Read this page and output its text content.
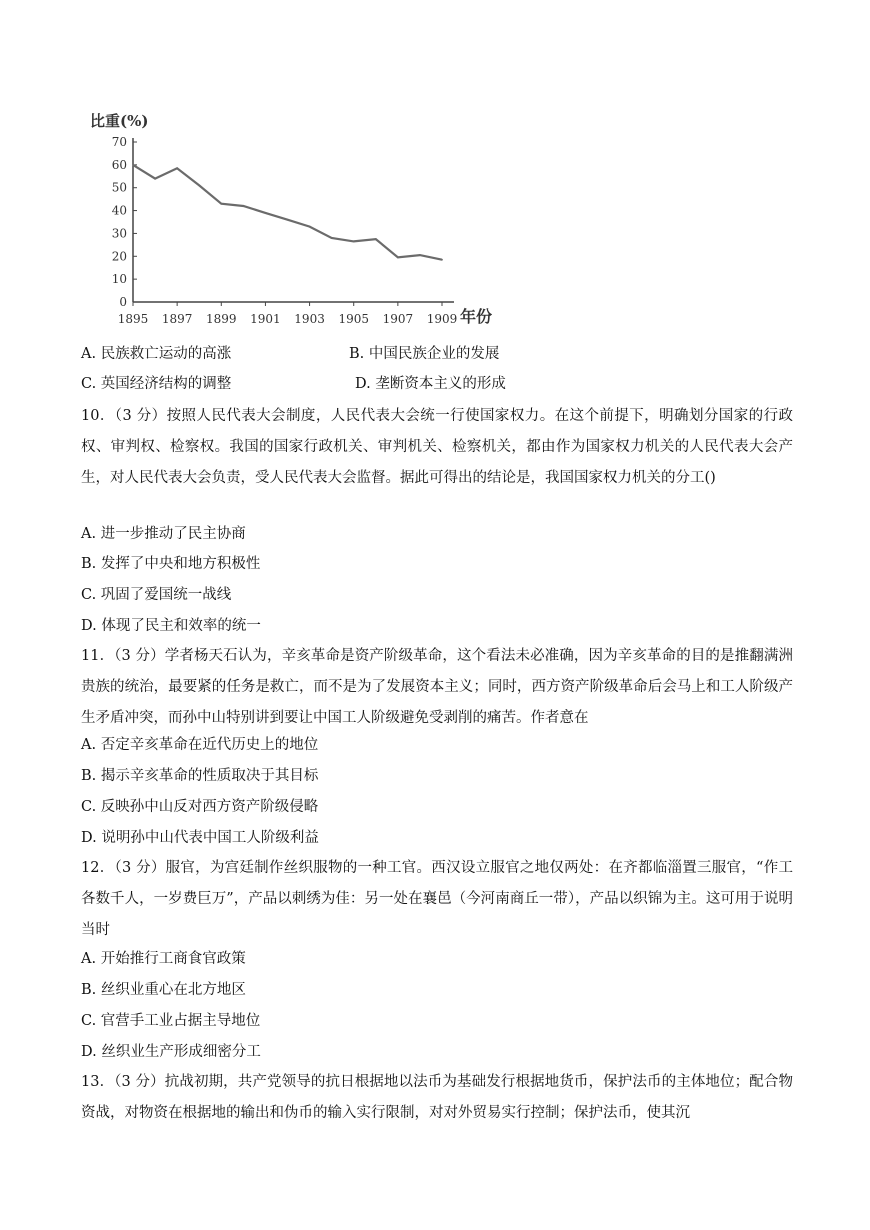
比重(%)
年份
0
10
20
30
40
50
60
70
1895 1897 1899 1901 1903 1905 1907 1909
A. 民族救亡运动的高涨	B. 中国民族企业的发展
C. 英国经济结构的调整	D. 垄断资本主义的形成
10．（3 分）按照人民代表大会制度，人民代表大会统一行使国家权力。在这个前提下，明确划分国家的行政权、审判权、检察权。我国的国家行政机关、审判机关、检察机关，都由作为国家权力机关的人民代表大会产生，对人民代表大会负责，受人民代表大会监督。据此可得出的结论是，我国国家权力机关的分工()
A. 进一步推动了民主协商
B. 发挥了中央和地方积极性
C. 巩固了爱国统一战线
D. 体现了民主和效率的统一
11．（3 分）学者杨天石认为，辛亥革命是资产阶级革命，这个看法未必准确，因为辛亥革命的目的是推翻满洲贵族的统治，最要紧的任务是救亡，而不是为了发展资本主义；同时，西方资产阶级革命后会马上和工人阶级产生矛盾冲突，而孙中山特别讲到要让中国工人阶级避免受剥削的痛苦。作者意在
A. 否定辛亥革命在近代历史上的地位
B. 揭示辛亥革命的性质取决于其目标
C. 反映孙中山反对西方资产阶级侵略
D. 说明孙中山代表中国工人阶级利益
12．（3 分）服官，为宫廷制作丝织服物的一种工官。西汉设立服官之地仅两处：在齐都临淄置三服官，“作工各数千人，一岁费巨万”，产品以刺绣为佳：另一处在襄邑（今河南商丘一带），产品以织锦为主。这可用于说明当时
A. 开始推行工商食官政策
B. 丝织业重心在北方地区
C. 官营手工业占据主导地位
D. 丝织业生产形成细密分工
13．（3 分）抗战初期，共产党领导的抗日根据地以法币为基础发行根据地货币，保护法币的主体地位；配合物资战，对物资在根据地的输出和伪币的输入实行限制，对对外贸易实行控制；保护法币，使其沉
